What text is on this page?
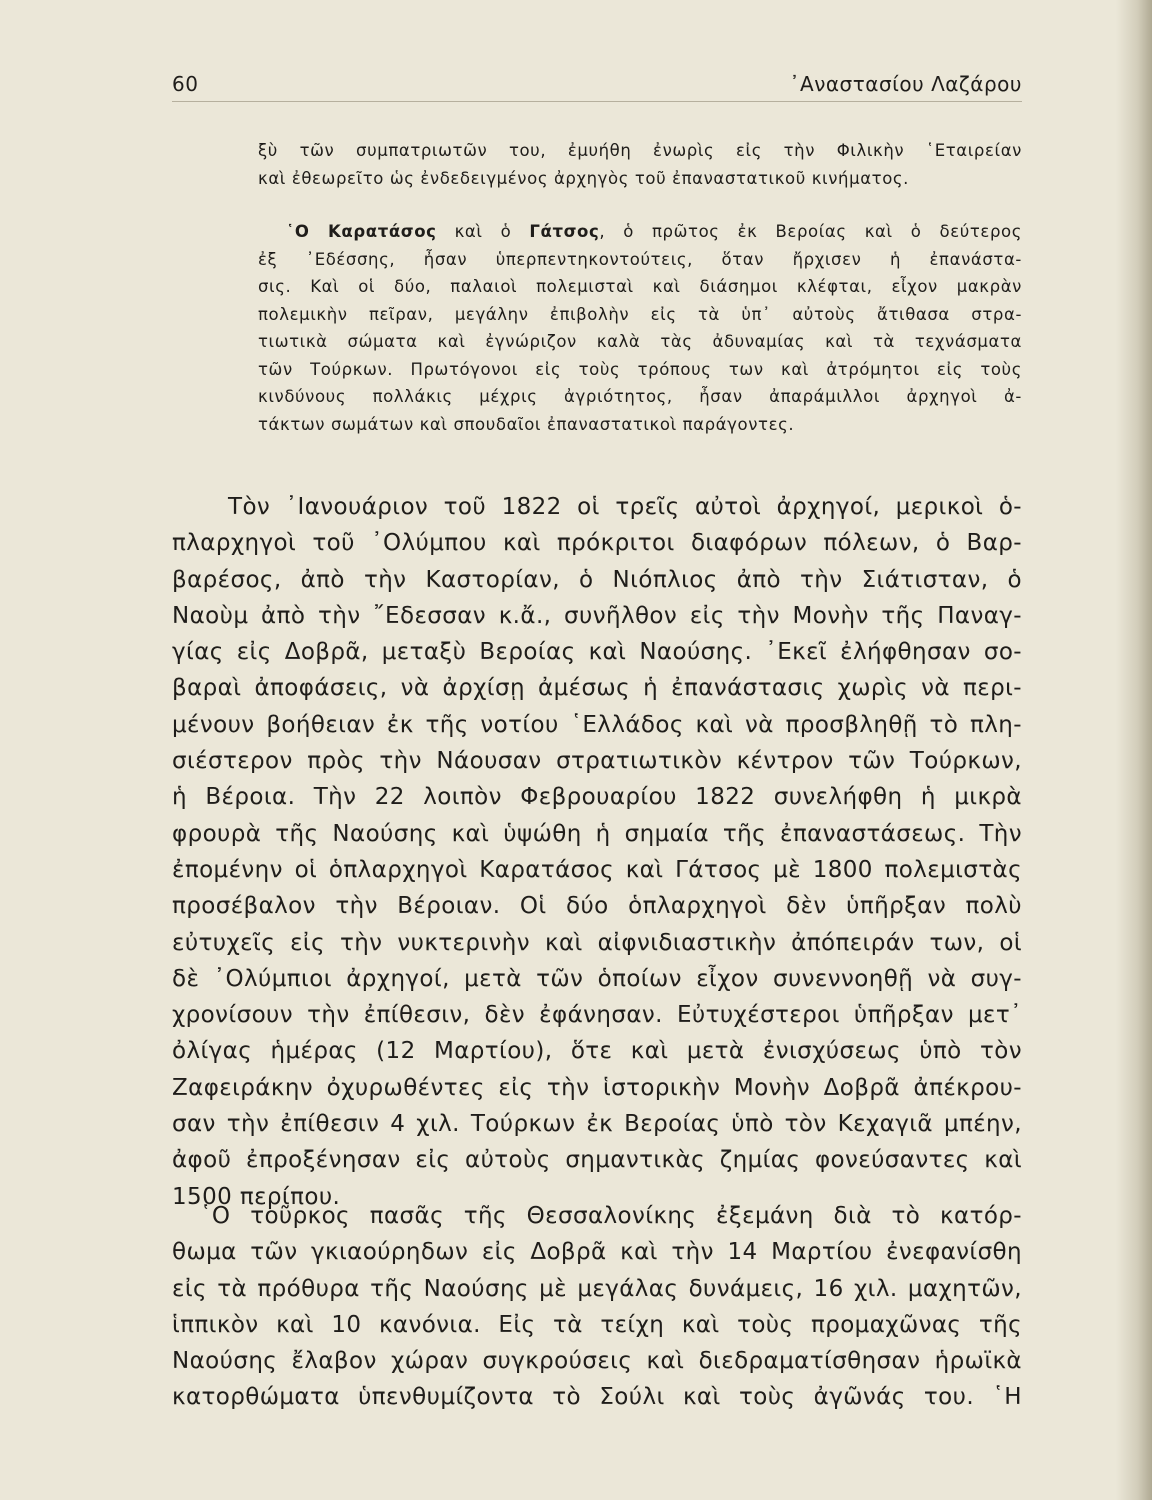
60	᾿Αναστασίου Λαζάρου
ξὺ τῶν συμπατριωτῶν του, ἐμυήθη ἐνωρὶς εἰς τὴν Φιλικὴν ῾Εταιρείαν
καὶ ἐθεωρεῖτο ὡς ἐνδεδειγμένος ἀρχηγὸς τοῦ ἐπαναστατικοῦ κινήματος.
῾Ο Καρατάσος καὶ ὁ Γάτσος, ὁ πρῶτος ἐκ Βεροίας καὶ ὁ δεύτερος
ἐξ ᾿Εδέσσης, ἦσαν ὑπερπεντηκοντούτεις, ὅταν ἤρχισεν ἡ ἐπανάστα-
σις. Καὶ οἱ δύο, παλαιοὶ πολεμισταὶ καὶ διάσημοι κλέφται, εἶχον μακρὰν
πολεμικὴν πεῖραν, μεγάλην ἐπιβολὴν εἰς τὰ ὑπ᾿ αὐτοὺς ἄτιθασα στρα-
τιωτικὰ σώματα καὶ ἐγνώριζον καλὰ τὰς ἀδυναμίας καὶ τὰ τεχνάσματα
τῶν Τούρκων. Πρωτόγονοι εἰς τοὺς τρόπους των καὶ ἀτρόμητοι εἰς τοὺς
κινδύνους πολλάκις μέχρις ἀγριότητος, ἦσαν ἀπαράμιλλοι ἀρχηγοὶ ἀ-
τάκτων σωμάτων καὶ σπουδαῖοι ἐπαναστατικοὶ παράγοντες.
Τὸν ᾿Ιανουάριον τοῦ 1822 οἱ τρεῖς αὐτοὶ ἀρχηγοί, μερικοὶ ὁ-
πλαρχηγοὶ τοῦ ᾿Ολύμπου καὶ πρόκριτοι διαφόρων πόλεων, ὁ Βαρ-
βαρέσος, ἀπὸ τὴν Καστορίαν, ὁ Νιόπλιος ἀπὸ τὴν Σιάτισταν, ὁ
Ναοὺμ ἀπὸ τὴν ῎Εδεσσαν κ.ἄ., συνῆλθον εἰς τὴν Μονὴν τῆς Παναγ-
γίας εἰς Δοβρᾶ, μεταξὺ Βεροίας καὶ Ναούσης. ᾿Εκεῖ ἐλήφθησαν σο-
βαραὶ ἀποφάσεις, νὰ ἀρχίσῃ ἀμέσως ἡ ἐπανάστασις χωρὶς νὰ περι-
μένουν βοήθειαν ἐκ τῆς νοτίου ῾Ελλάδος καὶ νὰ προσβληθῇ τὸ πλη-
σιέστερον πρὸς τὴν Νάουσαν στρατιωτικὸν κέντρον τῶν Τούρκων,
ἡ Βέροια. Τὴν 22 λοιπὸν Φεβρουαρίου 1822 συνελήφθη ἡ μικρὰ
φρουρὰ τῆς Ναούσης καὶ ὑψώθη ἡ σημαία τῆς ἐπαναστάσεως. Τὴν
ἐπομένην οἱ ὁπλαρχηγοὶ Καρατάσος καὶ Γάτσος μὲ 1800 πολεμιστὰς
προσέβαλον τὴν Βέροιαν. Οἱ δύο ὁπλαρχηγοὶ δὲν ὑπῆρξαν πολὺ
εὐτυχεῖς εἰς τὴν νυκτερινὴν καὶ αἰφνιδιαστικὴν ἀπόπειράν των, οἱ
δὲ ᾿Ολύμπιοι ἀρχηγοί, μετὰ τῶν ὁποίων εἶχον συνεννοηθῇ νὰ συγ-
χρονίσουν τὴν ἐπίθεσιν, δὲν ἐφάνησαν. Εὐτυχέστεροι ὑπῆρξαν μετ᾿
ὀλίγας ἡμέρας (12 Μαρτίου), ὅτε καὶ μετὰ ἐνισχύσεως ὑπὸ τὸν
Ζαφειράκην ὀχυρωθέντες εἰς τὴν ἱστορικὴν Μονὴν Δοβρᾶ ἀπέκρου-
σαν τὴν ἐπίθεσιν 4 χιλ. Τούρκων ἐκ Βεροίας ὑπὸ τὸν Κεχαγιᾶ μπέην,
ἀφοῦ ἐπροξένησαν εἰς αὐτοὺς σημαντικὰς ζημίας φονεύσαντες καὶ
1500 περίπου.
῾Ο τοῦρκος πασᾶς τῆς Θεσσαλονίκης ἐξεμάνη διὰ τὸ κατόρ-
θωμα τῶν γκιαούρηδων εἰς Δοβρᾶ καὶ τὴν 14 Μαρτίου ἐνεφανίσθη
εἰς τὰ πρόθυρα τῆς Ναούσης μὲ μεγάλας δυνάμεις, 16 χιλ. μαχητῶν,
ἱππικὸν καὶ 10 κανόνια. Εἰς τὰ τείχη καὶ τοὺς προμαχῶνας τῆς
Ναούσης ἔλαβον χώραν συγκρούσεις καὶ διεδραματίσθησαν ἡρωϊκὰ
κατορθώματα ὑπενθυμίζοντα τὸ Σούλι καὶ τοὺς ἀγῶνάς του. ῾Η
